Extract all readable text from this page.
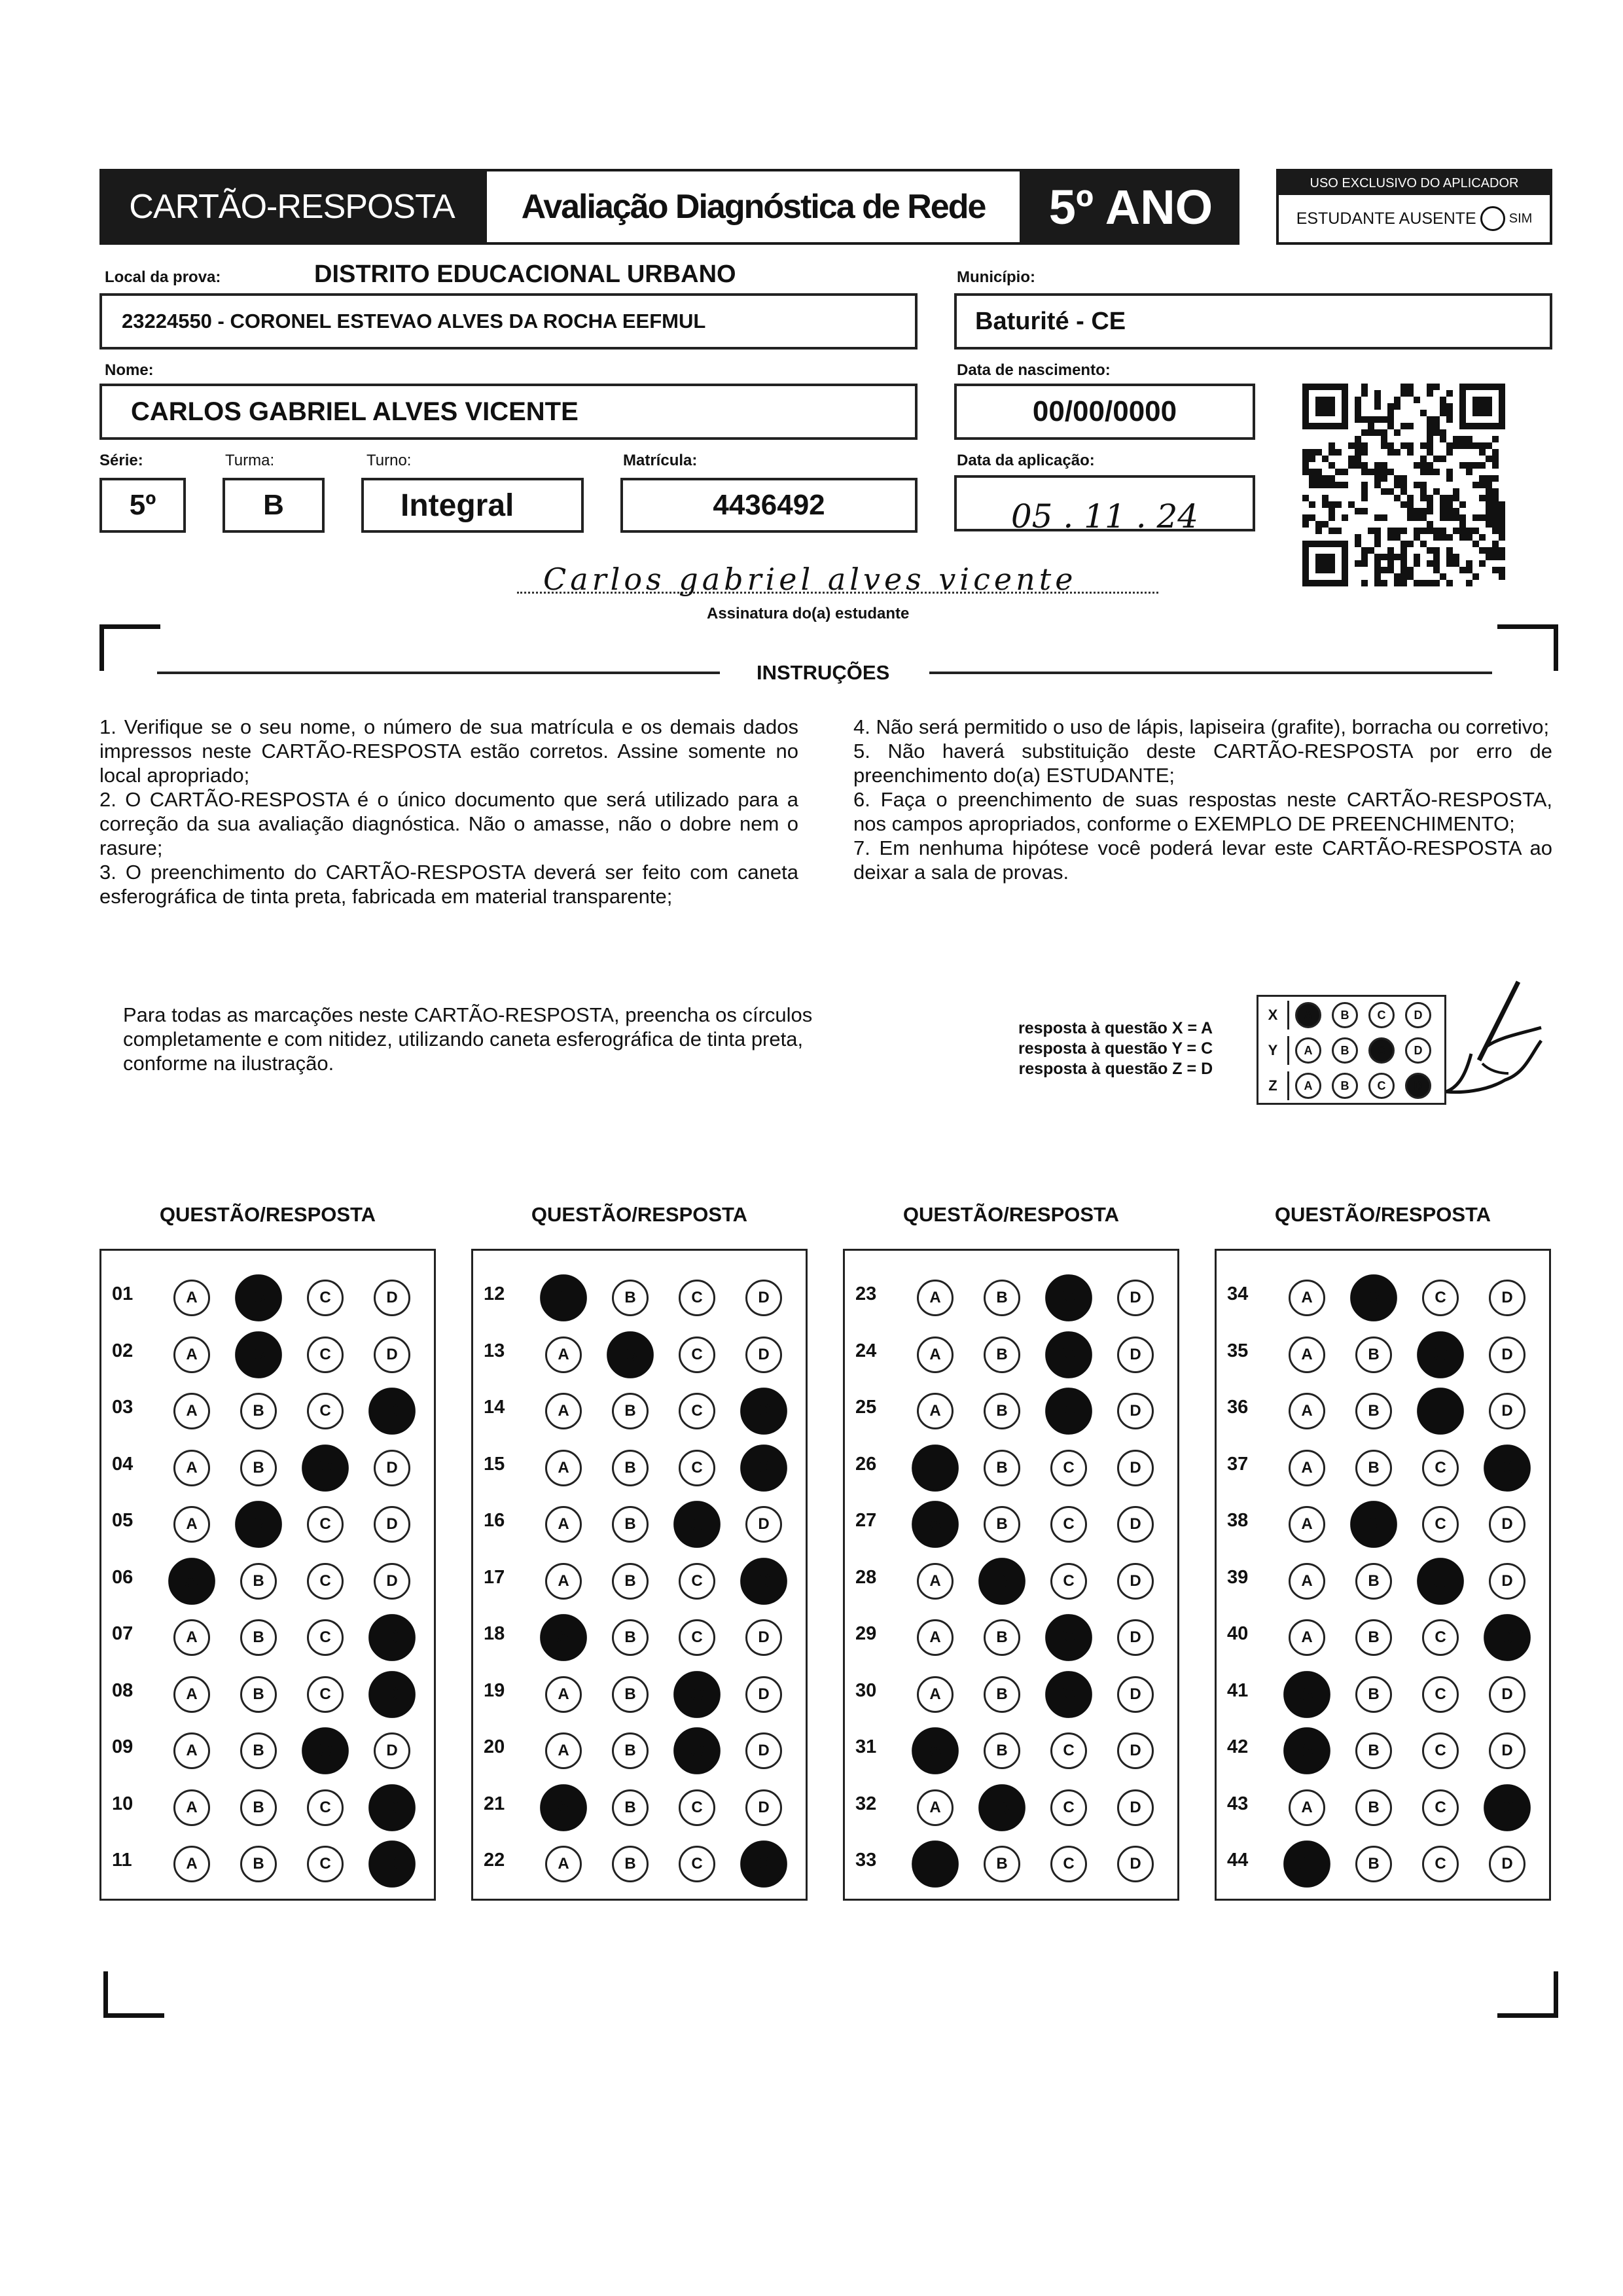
CARTÃO-RESPOSTA Avaliação Diagnóstica de Rede 5º ANO	USO EXCLUSIVO DO APLICADOR
ESTUDANTE AUSENTE	SIM
Local da prova:	DISTRITO EDUCACIONAL URBANO
23224550 - CORONEL ESTEVAO ALVES DA ROCHA EEFMUL
Município:
Baturité - CE
Nome:
CARLOS GABRIEL ALVES VICENTE
Data de nascimento:
00/00/0000
Série:
5º
Turma:
B
Turno:
Integral
Matrícula:
4436492
Data da aplicação:
05 . 11 . 24
Carlos gabriel alves vicente
Assinatura do(a) estudante
INSTRUÇÕES

1. Verifique se o seu nome, o número de sua matrícula e os demais dados impressos neste CARTÃO-RESPOSTA estão corretos. Assine somente no local apropriado;

2. O CARTÃO-RESPOSTA é o único documento que será utilizado para a correção da sua avaliação diagnóstica. Não o amasse, não o dobre nem o rasure;

3. O preenchimento do CARTÃO-RESPOSTA deverá ser feito com caneta esferográfica de tinta preta, fabricada em material transparente;

4. Não será permitido o uso de lápis, lapiseira (grafite), borracha ou corretivo;

5. Não haverá substituição deste CARTÃO-RESPOSTA por erro de preenchimento do(a) ESTUDANTE;

6. Faça o preenchimento de suas respostas neste CARTÃO-RESPOSTA, nos campos apropriados, conforme o EXEMPLO DE PREENCHIMENTO;

7. Em nenhuma hipótese você poderá levar este CARTÃO-RESPOSTA ao deixar a sala de provas.

Para todas as marcações neste CARTÃO-RESPOSTA, preencha os círculos completamente e com nitidez, utilizando caneta esferográfica de tinta preta, conforme na ilustração.
resposta à questão X = A
resposta à questão Y = C
resposta à questão Z = D
X	A	B	C	D
Y	A	B	C	D
Z	A	B	C	D
QUESTÃO/RESPOSTA
01	A	B	C	D
02	A	B	C	D
03	A	B	C	D
04	A	B	C	D
05	A	B	C	D
06	A	B	C	D
07	A	B	C	D
08	A	B	C	D
09	A	B	C	D
10	A	B	C	D
11	A	B	C	D
QUESTÃO/RESPOSTA
12	A	B	C	D
13	A	B	C	D
14	A	B	C	D
15	A	B	C	D
16	A	B	C	D
17	A	B	C	D
18	A	B	C	D
19	A	B	C	D
20	A	B	C	D
21	A	B	C	D
22	A	B	C	D
QUESTÃO/RESPOSTA
23	A	B	C	D
24	A	B	C	D
25	A	B	C	D
26	A	B	C	D
27	A	B	C	D
28	A	B	C	D
29	A	B	C	D
30	A	B	C	D
31	A	B	C	D
32	A	B	C	D
33	A	B	C	D
QUESTÃO/RESPOSTA
34	A	B	C	D
35	A	B	C	D
36	A	B	C	D
37	A	B	C	D
38	A	B	C	D
39	A	B	C	D
40	A	B	C	D
41	A	B	C	D
42	A	B	C	D
43	A	B	C	D
44	A	B	C	D
